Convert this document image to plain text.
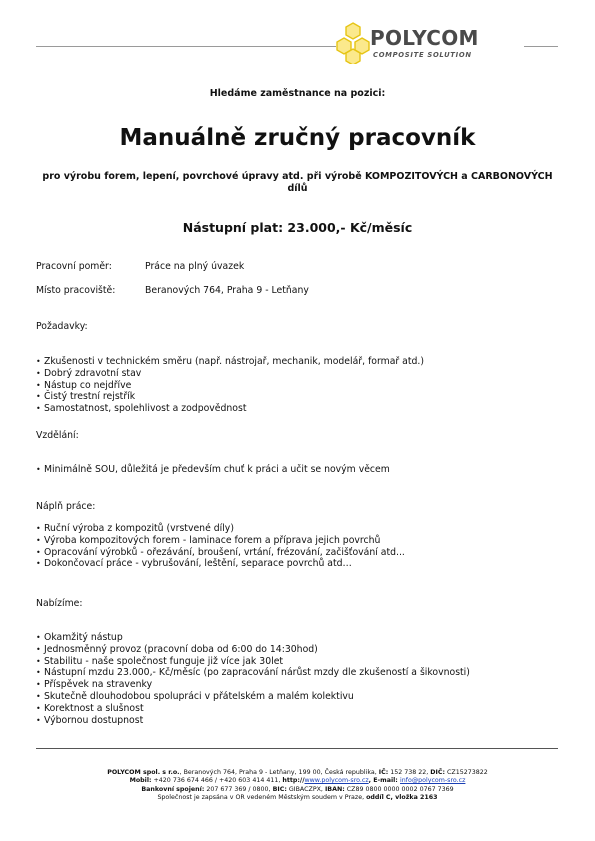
POLYCOM
COMPOSITE SOLUTION
Hledáme zaměstnance na pozici:
Manuálně zručný pracovník
pro výrobu forem, lepení, povrchové úpravy atd. při výrobě KOMPOZITOVÝCH a CARBONOVÝCH dílů
Nástupní plat: 23.000,- Kč/měsíc
Pracovní poměr:	Práce na plný úvazek
Místo pracoviště:	Beranových 764, Praha 9 - Letňany
Požadavky:
• Zkušenosti v technickém směru (např. nástrojař, mechanik, modelář, formař atd.)
• Dobrý zdravotní stav
• Nástup co nejdříve
• Čistý trestní rejstřík
• Samostatnost, spolehlivost a zodpovědnost
Vzdělání:
• Minimálně SOU, důležitá je především chuť k práci a učit se novým věcem
Náplň práce:
• Ruční výroba z kompozitů (vrstvené díly)
• Výroba kompozitových forem - laminace forem a příprava jejich povrchů
• Opracování výrobků - ořezávání, broušení, vrtání, frézování, začišťování atd...
• Dokončovací práce - vybrušování, leštění, separace povrchů atd…
Nabízíme:
• Okamžitý nástup
• Jednosměnný provoz (pracovní doba od 6:00 do 14:30hod)
• Stabilitu - naše společnost funguje již více jak 30let
• Nástupní mzdu 23.000,- Kč/měsíc (po zapracování nárůst mzdy dle zkušeností a šikovnosti)
• Příspěvek na stravenky
• Skutečně dlouhodobou spolupráci v přátelském a malém kolektivu
• Korektnost a slušnost
• Výbornou dostupnost
POLYCOM spol. s r.o., Beranových 764, Praha 9 - Letňany, 199 00, Česká republika, IČ: 152 738 22, DIČ: CZ15273822
Mobil: +420 736 674 466 / +420 603 414 411, http://www.polycom-sro.cz, E-mail: info@polycom-sro.cz
Bankovní spojení: 207 677 369 / 0800, BIC: GIBACZPX, IBAN: CZ89 0800 0000 0002 0767 7369
Společnost je zapsána v OR vedeném Městským soudem v Praze, oddíl C, vložka 2163
